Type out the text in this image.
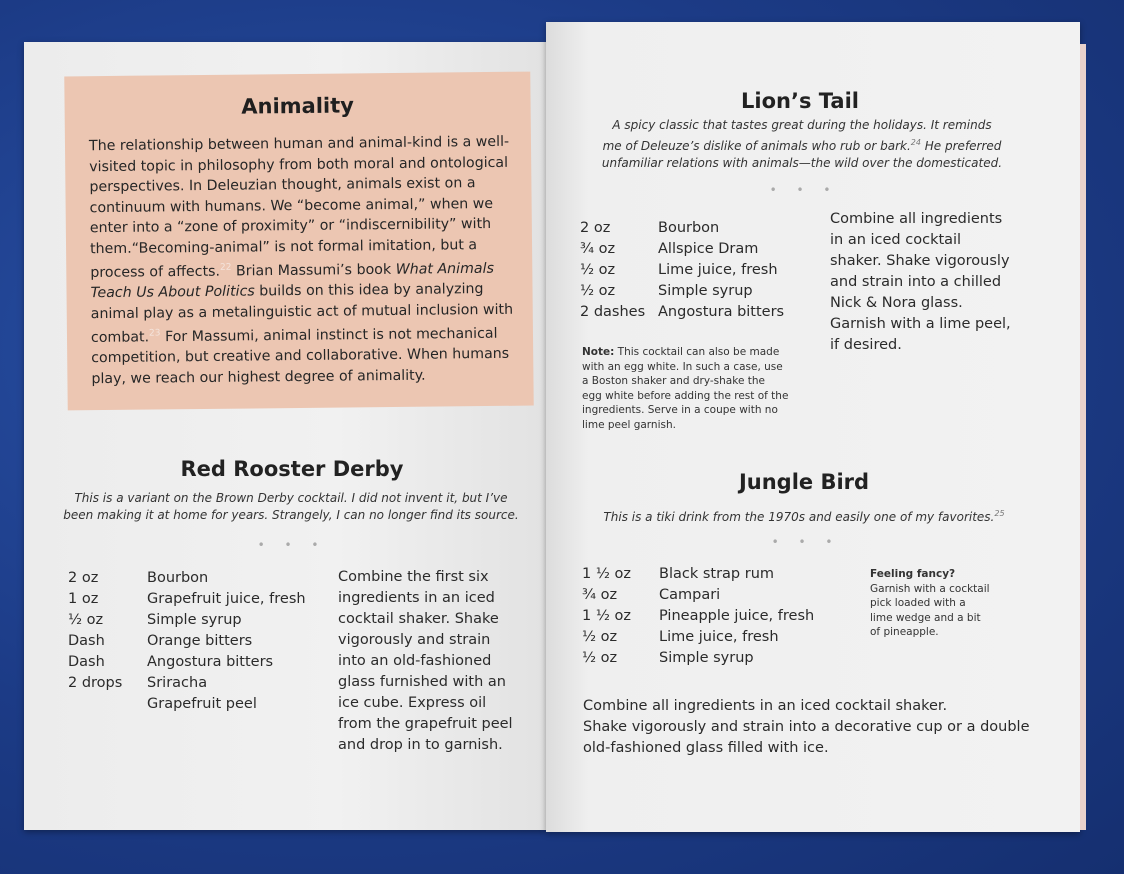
Animality
The relationship between human and animal-kind is a well-visited topic in philosophy from both moral and ontological perspectives. In Deleuzian thought, animals exist on a continuum with humans. We “become animal,” when we enter into a “zone of proximity” or “indiscernibility” with them.“Becoming-animal” is not formal imitation, but a process of affects.$^{22}$ Brian Massumi’s book What Animals Teach Us About Politics builds on this idea by analyzing animal play as a metalinguistic act of mutual inclusion with combat.$^{23}$ For Massumi, animal instinct is not mechanical competition, but creative and collaborative. When humans play, we reach our highest degree of animality.
Red Rooster Derby
This is a variant on the Brown Derby cocktail. I did not invent it, but I’ve been making it at home for years. Strangely, I can no longer find its source.
• • •
2 oz	Bourbon
1 oz	Grapefruit juice, fresh
½ oz	Simple syrup
Dash	Orange bitters
Dash	Angostura bitters
2 drops	Sriracha
Grapefruit peel
Combine the first six
ingredients in an iced
cocktail shaker. Shake
vigorously and strain
into an old-fashioned
glass furnished with an
ice cube. Express oil
from the grapefruit peel
and drop in to garnish.
Lion’s Tail
A spicy classic that tastes great during the holidays. It reminds
me of Deleuze’s dislike of animals who rub or bark.$^{24}$ He preferred
unfamiliar relations with animals—the wild over the domesticated.
• • •
2 oz	Bourbon
¾ oz	Allspice Dram
½ oz	Lime juice, fresh
½ oz	Simple syrup
2 dashes Angostura bitters
Combine all ingredients
in an iced cocktail
shaker. Shake vigorously
and strain into a chilled
Nick & Nora glass.
Garnish with a lime peel,
if desired.
Note: This cocktail can also be made
with an egg white. In such a case, use
a Boston shaker and dry-shake the
egg white before adding the rest of the
ingredients. Serve in a coupe with no
lime peel garnish.
Jungle Bird
This is a tiki drink from the 1970s and easily one of my favorites.$^{25}$
• • •
1 ½ oz	Black strap rum
¾ oz	Campari
1 ½ oz	Pineapple juice, fresh
½ oz	Lime juice, fresh
½ oz	Simple syrup
Feeling fancy?
Garnish with a cocktail
pick loaded with a
lime wedge and a bit
of pineapple.
Combine all ingredients in an iced cocktail shaker.
Shake vigorously and strain into a decorative cup or a double
old-fashioned glass filled with ice.
